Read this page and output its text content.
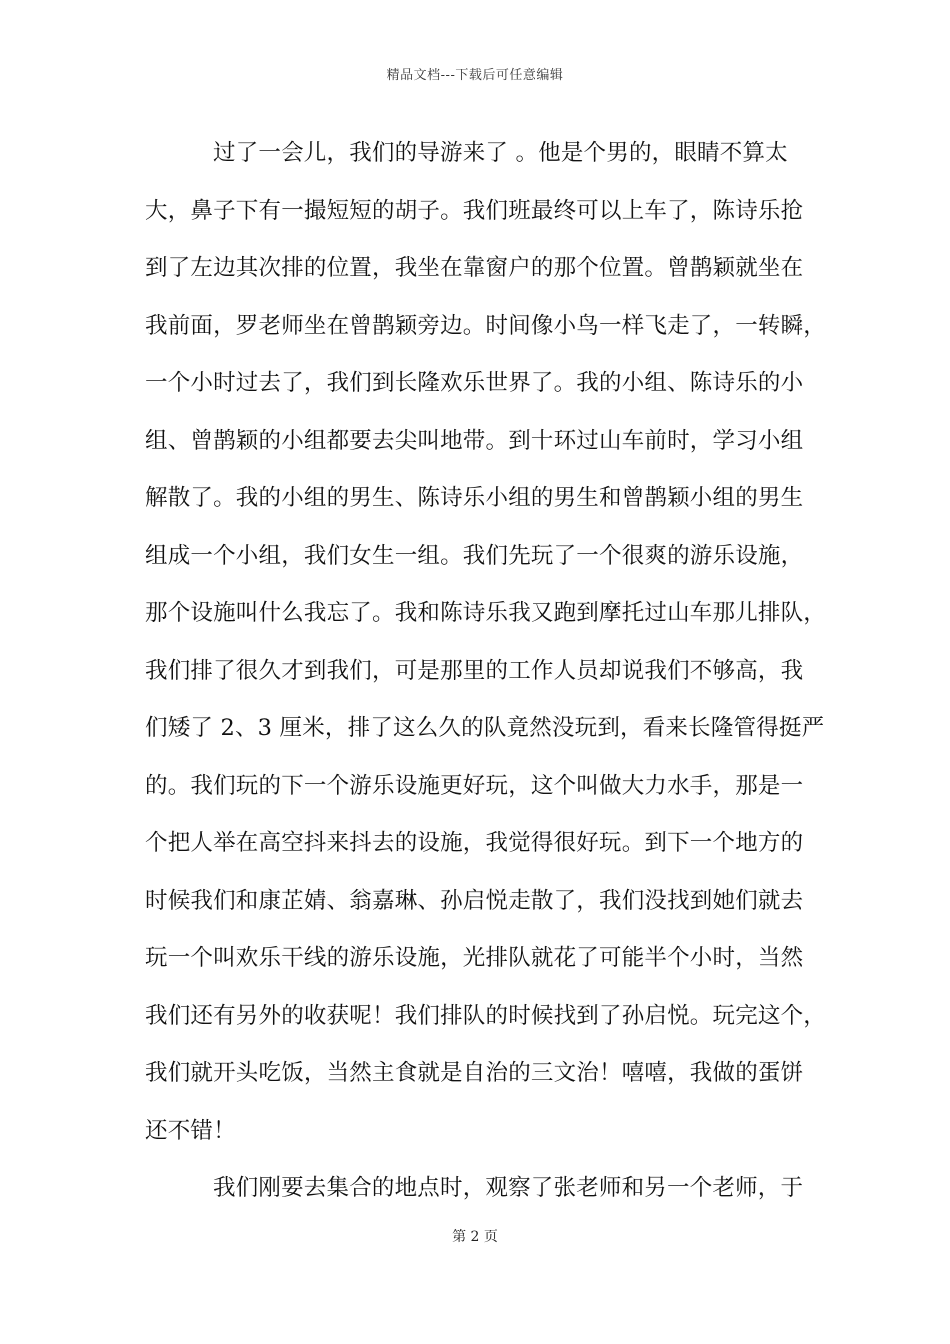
精品文档---下载后可任意编辑
过了一会儿，我们的导游来了 。他是个男的，眼睛不算太
大，鼻子下有一撮短短的胡子。我们班最终可以上车了，陈诗乐抢
到了左边其次排的位置，我坐在靠窗户的那个位置。曾鹊颖就坐在
我前面，罗老师坐在曾鹊颖旁边。时间像小鸟一样飞走了，一转瞬，
一个小时过去了，我们到长隆欢乐世界了。我的小组、陈诗乐的小
组、曾鹊颖的小组都要去尖叫地带。到十环过山车前时，学习小组
解散了。我的小组的男生、陈诗乐小组的男生和曾鹊颖小组的男生
组成一个小组，我们女生一组。我们先玩了一个很爽的游乐设施，
那个设施叫什么我忘了。我和陈诗乐我又跑到摩托过山车那儿排队，
我们排了很久才到我们，可是那里的工作人员却说我们不够高，我
们矮了 2、3 厘米，排了这么久的队竟然没玩到，看来长隆管得挺严
的。我们玩的下一个游乐设施更好玩，这个叫做大力水手，那是一
个把人举在高空抖来抖去的设施，我觉得很好玩。到下一个地方的
时候我们和康芷婧、翁嘉琳、孙启悦走散了，我们没找到她们就去
玩一个叫欢乐干线的游乐设施，光排队就花了可能半个小时，当然
我们还有另外的收获呢！我们排队的时候找到了孙启悦。玩完这个，
我们就开头吃饭，当然主食就是自治的三文治！嘻嘻，我做的蛋饼
还不错！
我们刚要去集合的地点时，观察了张老师和另一个老师，于
第 2 页
